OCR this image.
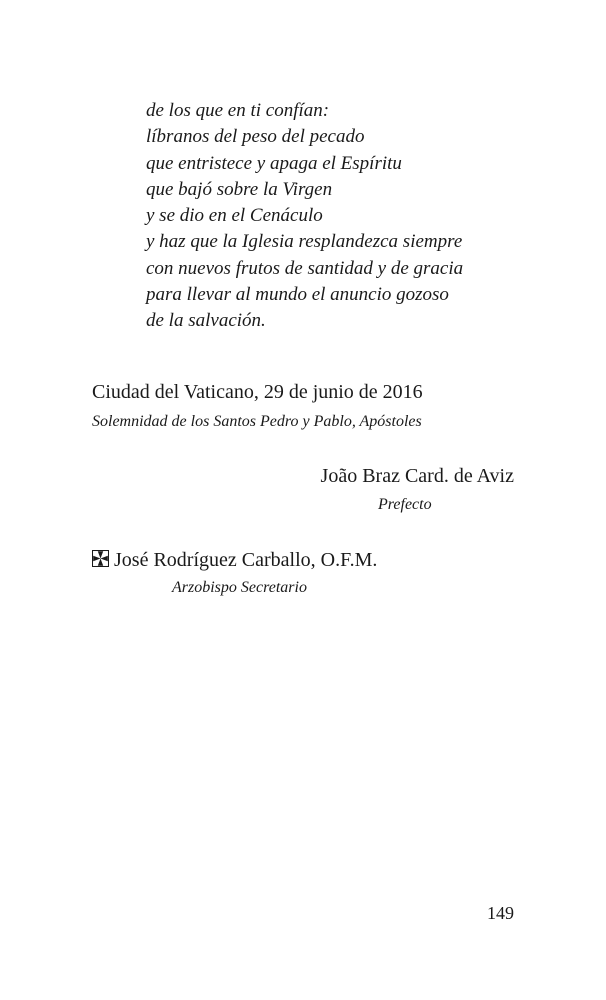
de los que en ti confían:
líbranos del peso del pecado
que entristece y apaga el Espíritu
que bajó sobre la Virgen
y se dio en el Cenáculo
y haz que la Iglesia resplandezca siempre
con nuevos frutos de santidad y de gracia
para llevar al mundo el anuncio gozoso
de la salvación.
Ciudad del Vaticano, 29 de junio de 2016
Solemnidad de los Santos Pedro y Pablo, Apóstoles
João Braz Card. de Aviz
Prefecto
José Rodríguez Carballo, O.F.M.
Arzobispo Secretario
149
